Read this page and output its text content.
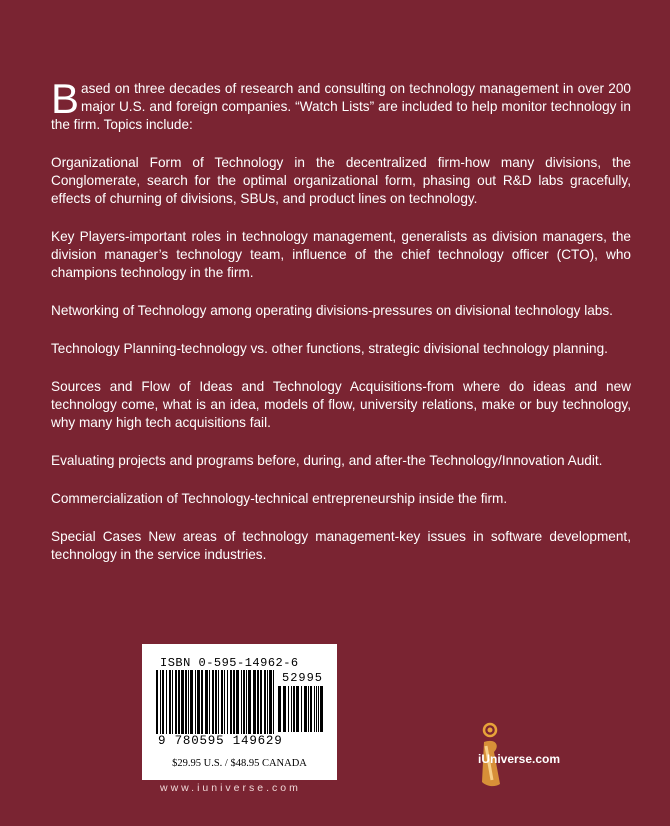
Based on three decades of research and consulting on technology management in over 200 major U.S. and foreign companies. “Watch Lists” are included to help monitor technology in the firm. Topics include:

Organizational Form of Technology in the decentralized firm-how many divisions, the Conglomerate, search for the optimal organizational form, phasing out R&D labs gracefully, effects of churning of divisions, SBUs, and product lines on technology.

Key Players-important roles in technology management, generalists as division managers, the division manager’s technology team, influence of the chief technology officer (CTO), who champions technology in the firm.

Networking of Technology among operating divisions-pressures on divisional technology labs.

Technology Planning-technology vs. other functions, strategic divisional technology planning.

Sources and Flow of Ideas and Technology Acquisitions-from where do ideas and new technology come, what is an idea, models of flow, university relations, make or buy technology, why many high tech acquisitions fail.

Evaluating projects and programs before, during, and after-the Technology/Innovation Audit.

Commercialization of Technology-technical entrepreneurship inside the firm.

Special Cases New areas of technology management-key issues in software development, technology in the service industries.

ISBN 0-595-14962-6
52995
9 780595 149629
$29.95 U.S. / $48.95 CANADA
www.iuniverse.com
iUniverse.com
